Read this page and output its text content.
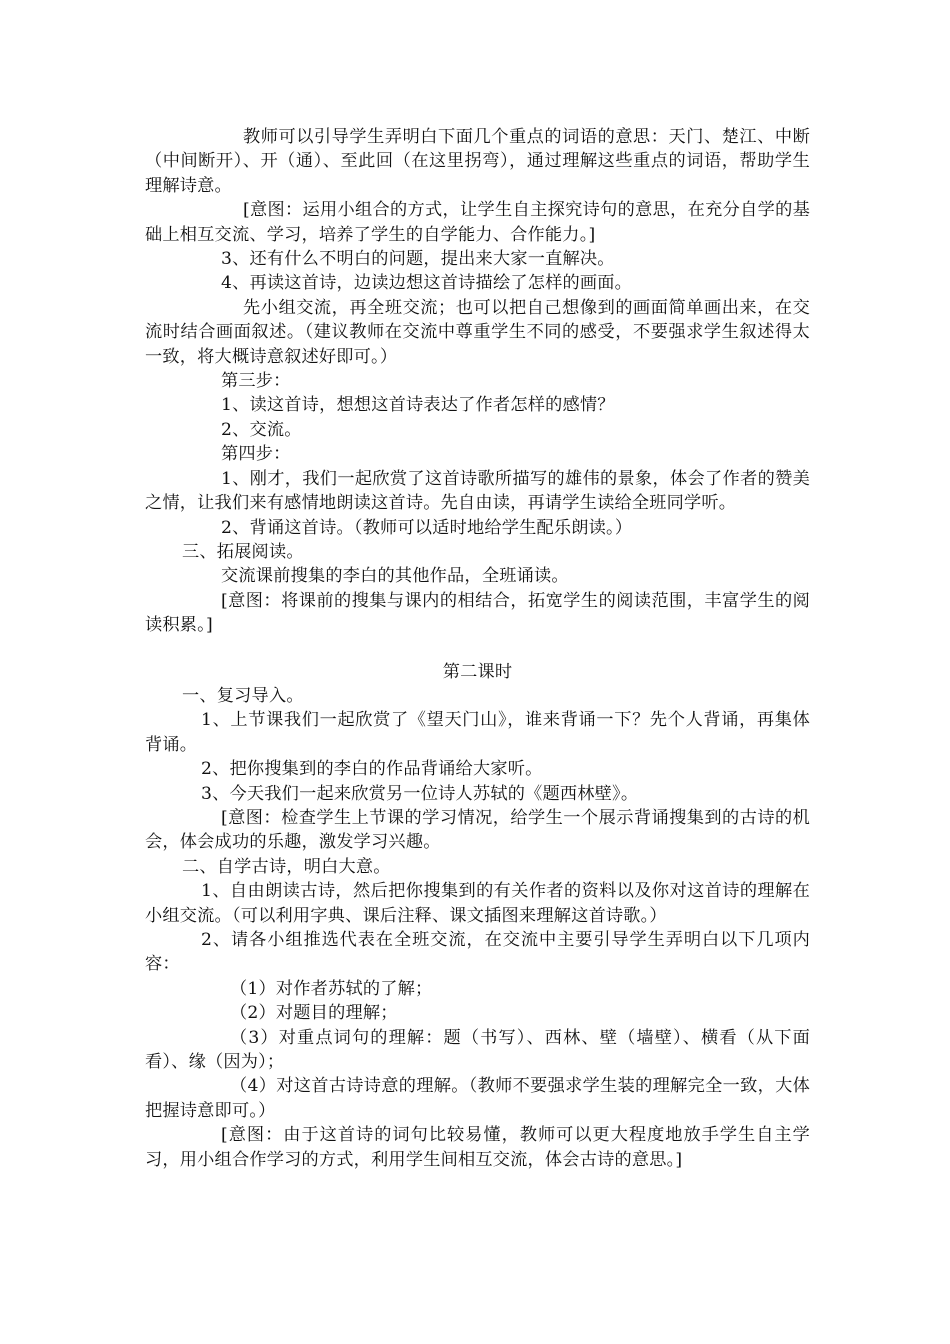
教师可以引导学生弄明白下面几个重点的词语的意思：天门、楚江、中断（中间断开）、开（通）、至此回（在这里拐弯），通过理解这些重点的词语，帮助学生理解诗意。

[意图：运用小组合的方式，让学生自主探究诗句的意思，在充分自学的基础上相互交流、学习，培养了学生的自学能力、合作能力。]

3、还有什么不明白的问题，提出来大家一直解决。

4、再读这首诗，边读边想这首诗描绘了怎样的画面。

先小组交流，再全班交流；也可以把自己想像到的画面简单画出来，在交流时结合画面叙述。（建议教师在交流中尊重学生不同的感受，不要强求学生叙述得太一致，将大概诗意叙述好即可。）

第三步：

1、读这首诗，想想这首诗表达了作者怎样的感情？

2、交流。

第四步：

1、刚才，我们一起欣赏了这首诗歌所描写的雄伟的景象，体会了作者的赞美之情，让我们来有感情地朗读这首诗。先自由读，再请学生读给全班同学听。

2、背诵这首诗。（教师可以适时地给学生配乐朗读。）

三、拓展阅读。

交流课前搜集的李白的其他作品，全班诵读。

[意图：将课前的搜集与课内的相结合，拓宽学生的阅读范围，丰富学生的阅读积累。]

第二课时

一、复习导入。

1、上节课我们一起欣赏了《望天门山》，谁来背诵一下？先个人背诵，再集体背诵。

2、把你搜集到的李白的作品背诵给大家听。

3、今天我们一起来欣赏另一位诗人苏轼的《题西林壁》。

[意图：检查学生上节课的学习情况，给学生一个展示背诵搜集到的古诗的机会，体会成功的乐趣，激发学习兴趣。

二、自学古诗，明白大意。

1、自由朗读古诗，然后把你搜集到的有关作者的资料以及你对这首诗的理解在小组交流。（可以利用字典、课后注释、课文插图来理解这首诗歌。）

2、请各小组推选代表在全班交流，在交流中主要引导学生弄明白以下几项内容：

（1）对作者苏轼的了解；

（2）对题目的理解；

（3）对重点词句的理解：题（书写）、西林、壁（墙壁）、横看（从下面看）、缘（因为）；

（4）对这首古诗诗意的理解。（教师不要强求学生装的理解完全一致，大体把握诗意即可。）

[意图：由于这首诗的词句比较易懂，教师可以更大程度地放手学生自主学习，用小组合作学习的方式，利用学生间相互交流，体会古诗的意思。]
